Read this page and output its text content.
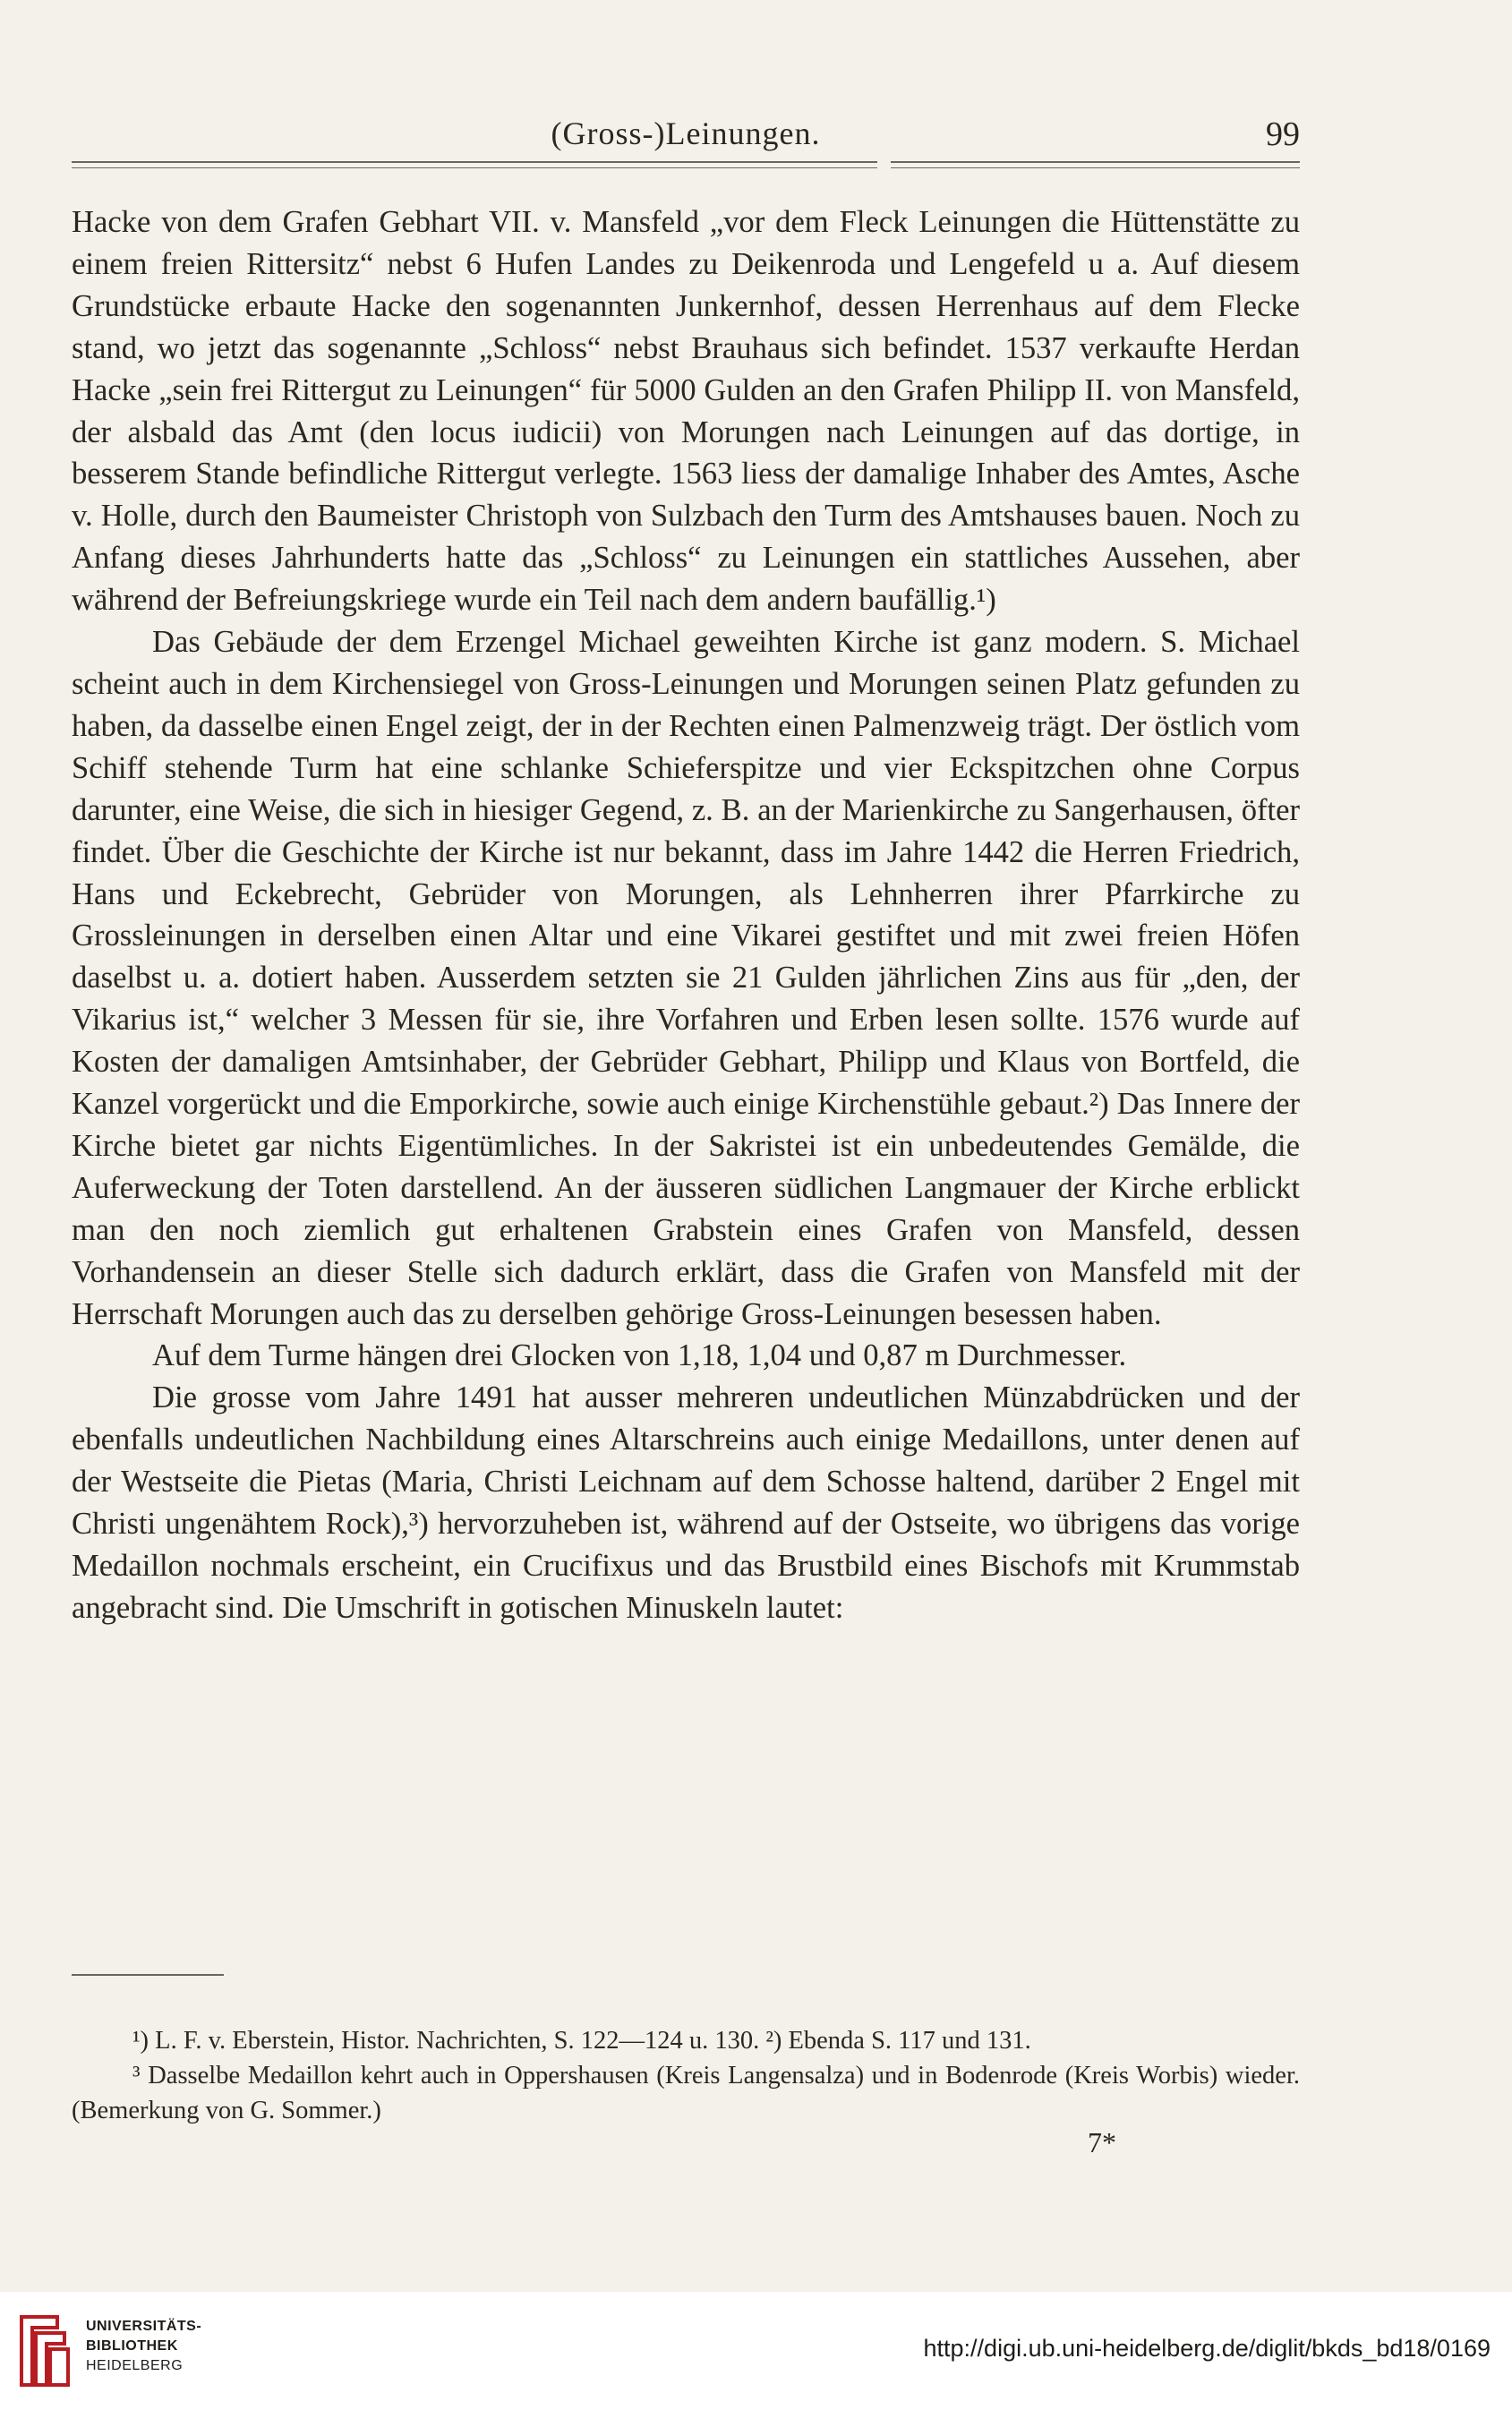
(Gross-)Leinungen.	99

Hacke von dem Grafen Gebhart VII. v. Mansfeld „vor dem Fleck Leinungen die Hüttenstätte zu einem freien Rittersitz“ nebst 6 Hufen Landes zu Deikenroda und Lengefeld u a. Auf diesem Grundstücke erbaute Hacke den sogenannten Junkernhof, dessen Herrenhaus auf dem Flecke stand, wo jetzt das sogenannte „Schloss“ nebst Brauhaus sich befindet. 1537 verkaufte Herdan Hacke „sein frei Rittergut zu Leinungen“ für 5000 Gulden an den Grafen Philipp II. von Mansfeld, der alsbald das Amt (den locus iudicii) von Morungen nach Leinungen auf das dortige, in besserem Stande befindliche Rittergut verlegte. 1563 liess der damalige Inhaber des Amtes, Asche v. Holle, durch den Baumeister Christoph von Sulzbach den Turm des Amtshauses bauen. Noch zu Anfang dieses Jahrhunderts hatte das „Schloss“ zu Leinungen ein stattliches Aussehen, aber während der Befreiungskriege wurde ein Teil nach dem andern baufällig.¹)

Das Gebäude der dem Erzengel Michael geweihten Kirche ist ganz modern. S. Michael scheint auch in dem Kirchensiegel von Gross-Leinungen und Morungen seinen Platz gefunden zu haben, da dasselbe einen Engel zeigt, der in der Rechten einen Palmenzweig trägt. Der östlich vom Schiff stehende Turm hat eine schlanke Schieferspitze und vier Eckspitzchen ohne Corpus darunter, eine Weise, die sich in hiesiger Gegend, z. B. an der Marienkirche zu Sangerhausen, öfter findet. Über die Geschichte der Kirche ist nur bekannt, dass im Jahre 1442 die Herren Friedrich, Hans und Eckebrecht, Gebrüder von Morungen, als Lehnherren ihrer Pfarrkirche zu Grossleinungen in derselben einen Altar und eine Vikarei gestiftet und mit zwei freien Höfen daselbst u. a. dotiert haben. Ausserdem setzten sie 21 Gulden jährlichen Zins aus für „den, der Vikarius ist,“ welcher 3 Messen für sie, ihre Vorfahren und Erben lesen sollte. 1576 wurde auf Kosten der damaligen Amtsinhaber, der Gebrüder Gebhart, Philipp und Klaus von Bortfeld, die Kanzel vorgerückt und die Emporkirche, sowie auch einige Kirchenstühle gebaut.²) Das Innere der Kirche bietet gar nichts Eigentümliches. In der Sakristei ist ein unbedeutendes Gemälde, die Auferweckung der Toten darstellend. An der äusseren südlichen Langmauer der Kirche erblickt man den noch ziemlich gut erhaltenen Grabstein eines Grafen von Mansfeld, dessen Vorhandensein an dieser Stelle sich dadurch erklärt, dass die Grafen von Mansfeld mit der Herrschaft Morungen auch das zu derselben gehörige Gross-Leinungen besessen haben.

Auf dem Turme hängen drei Glocken von 1,18, 1,04 und 0,87 m Durchmesser.

Die grosse vom Jahre 1491 hat ausser mehreren undeutlichen Münzabdrücken und der ebenfalls undeutlichen Nachbildung eines Altarschreins auch einige Medaillons, unter denen auf der Westseite die Pietas (Maria, Christi Leichnam auf dem Schosse haltend, darüber 2 Engel mit Christi ungenähtem Rock),³) hervorzuheben ist, während auf der Ostseite, wo übrigens das vorige Medaillon nochmals erscheint, ein Crucifixus und das Brustbild eines Bischofs mit Krummstab angebracht sind. Die Umschrift in gotischen Minuskeln lautet:

¹) L. F. v. Eberstein, Histor. Nachrichten, S. 122—124 u. 130. ²) Ebenda S. 117 und 131.

³ Dasselbe Medaillon kehrt auch in Oppershausen (Kreis Langensalza) und in Bodenrode (Kreis Worbis) wieder. (Bemerkung von G. Sommer.)

7*
UNIVERSITÄTS-
BIBLIOTHEK
HEIDELBERG
http://digi.ub.uni-heidelberg.de/diglit/bkds_bd18/0169
